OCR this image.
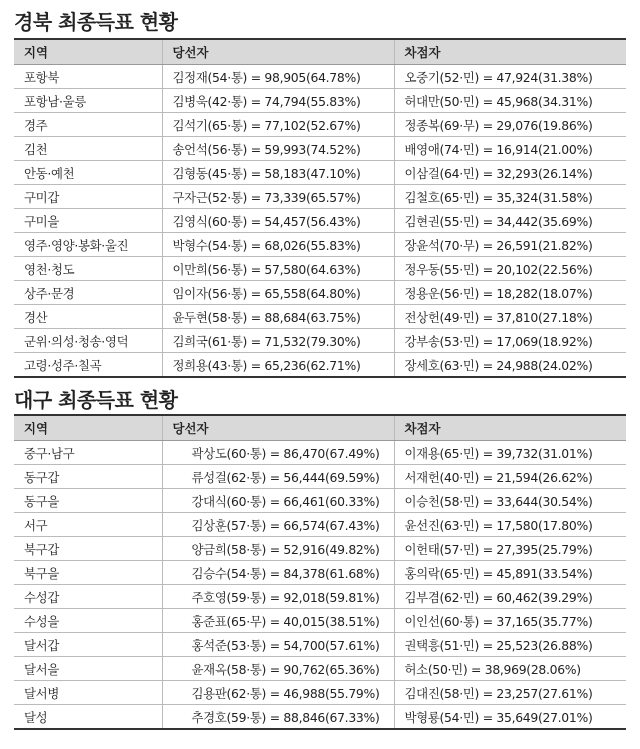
경북 최종득표 현황
지역	당선자	차점자
포항북	김정재(54·통) = 98,905(64.78%)	오중기(52·민) = 47,924(31.38%)
포항남·울릉	김병욱(42·통) = 74,794(55.83%)	허대만(50·민) = 45,968(34.31%)
경주	김석기(65·통) = 77,102(52.67%)	정종복(69·무) = 29,076(19.86%)
김천	송언석(56·통) = 59,993(74.52%)	배영애(74·민) = 16,914(21.00%)
안동·예천	김형동(45·통) = 58,183(47.10%)	이삼걸(64·민) = 32,293(26.14%)
구미갑	구자근(52·통) = 73,339(65.57%)	김철호(65·민) = 35,324(31.58%)
구미을	김영식(60·통) = 54,457(56.43%)	김현권(55·민) = 34,442(35.69%)
영주·영양·봉화·울진	박형수(54·통) = 68,026(55.83%)	장윤석(70·무) = 26,591(21.82%)
영천·청도	이만희(56·통) = 57,580(64.63%)	정우동(55·민) = 20,102(22.56%)
상주·문경	임이자(56·통) = 65,558(64.80%)	정용운(56·민) = 18,282(18.07%)
경산	윤두현(58·통) = 88,684(63.75%)	전상헌(49·민) = 37,810(27.18%)
군위·의성·청송·영덕	김희국(61·통) = 71,532(79.30%)	강부송(53·민) = 17,069(18.92%)
고령·성주·칠곡	정희용(43·통) = 65,236(62.71%)	장세호(63·민) = 24,988(24.02%)
대구 최종득표 현황
지역	당선자	차점자
중구·남구	곽상도(60·통) = 86,470(67.49%)	이재용(65·민) = 39,732(31.01%)
동구갑	류성걸(62·통) = 56,444(69.59%)	서재헌(40·민) = 21,594(26.62%)
동구을	강대식(60·통) = 66,461(60.33%)	이승천(58·민) = 33,644(30.54%)
서구	김상훈(57·통) = 66,574(67.43%)	윤선진(63·민) = 17,580(17.80%)
북구갑	양금희(58·통) = 52,916(49.82%)	이헌태(57·민) = 27,395(25.79%)
북구을	김승수(54·통) = 84,378(61.68%)	홍의락(65·민) = 45,891(33.54%)
수성갑	주호영(59·통) = 92,018(59.81%)	김부겸(62·민) = 60,462(39.29%)
수성을	홍준표(65·무) = 40,015(38.51%)	이인선(60·통) = 37,165(35.77%)
달서갑	홍석준(53·통) = 54,700(57.61%)	권택흥(51·민) = 25,523(26.88%)
달서을	윤재옥(58·통) = 90,762(65.36%)	허소(50·민) = 38,969(28.06%)
달서병	김용판(62·통) = 46,988(55.79%)	김대진(58·민) = 23,257(27.61%)
달성	추경호(59·통) = 88,846(67.33%)	박형룡(54·민) = 35,649(27.01%)
